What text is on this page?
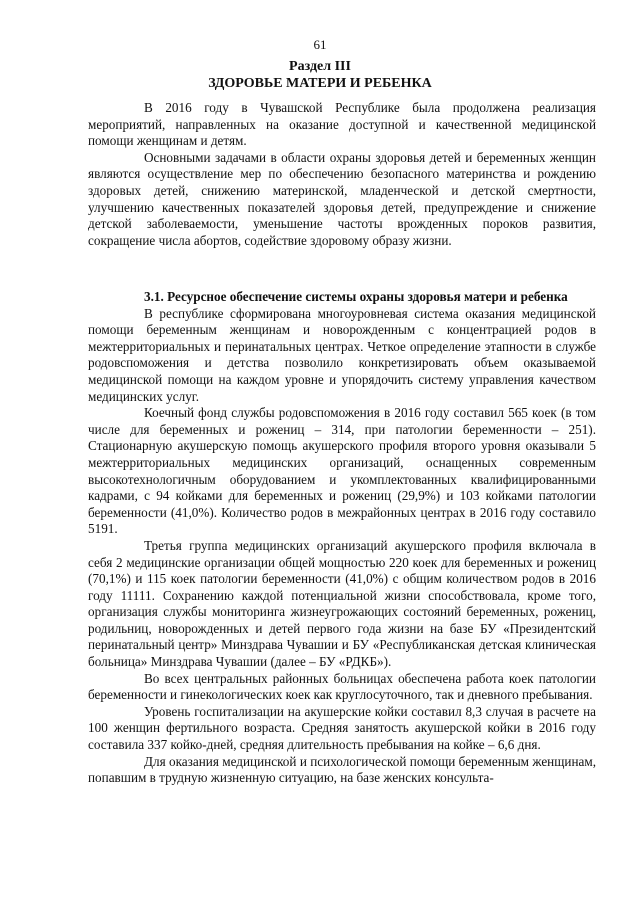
61
Раздел III
ЗДОРОВЬЕ МАТЕРИ И РЕБЕНКА

В 2016 году в Чувашской Республике была продолжена реализация мероприятий, направленных на оказание доступной и качественной медицинской помощи женщинам и детям.

Основными задачами в области охраны здоровья детей и беременных женщин являются осуществление мер по обеспечению безопасного материнства и рождению здоровых детей, снижению материнской, младенческой и детской смертности, улучшению качественных показателей здоровья детей, предупреждение и снижение детской заболеваемости, уменьшение частоты врожденных пороков развития, сокращение числа абортов, содействие здоровому образу жизни.

3.1. Ресурсное обеспечение системы охраны здоровья матери и ребенка

В республике сформирована многоуровневая система оказания медицинской помощи беременным женщинам и новорожденным с концентрацией родов в межтерриториальных и перинатальных центрах. Четкое определение этапности в службе родовспоможения и детства позволило конкретизировать объем оказываемой медицинской помощи на каждом уровне и упорядочить систему управления качеством медицинских услуг.

Коечный фонд службы родовспоможения в 2016 году составил 565 коек (в том числе для беременных и рожениц – 314, при патологии беременности – 251). Стационарную акушерскую помощь акушерского профиля второго уровня оказывали 5 межтерриториальных медицинских организаций, оснащенных современным высокотехнологичным оборудованием и укомплектованных квалифицированными кадрами, с 94 койками для беременных и рожениц (29,9%) и 103 койками патологии беременности (41,0%). Количество родов в межрайонных центрах в 2016 году составило 5191.

Третья группа медицинских организаций акушерского профиля включала в себя 2 медицинские организации общей мощностью 220 коек для беременных и рожениц (70,1%) и 115 коек патологии беременности (41,0%) с общим количеством родов в 2016 году 11111. Сохранению каждой потенциальной жизни способствовала, кроме того, организация службы мониторинга жизнеугрожающих состояний беременных, рожениц, родильниц, новорожденных и детей первого года жизни на базе БУ «Президентский перинатальный центр» Минздрава Чувашии и БУ «Республиканская детская клиническая больница» Минздрава Чувашии (далее – БУ «РДКБ»).

Во всех центральных районных больницах обеспечена работа коек патологии беременности и гинекологических коек как круглосуточного, так и дневного пребывания.

Уровень госпитализации на акушерские койки составил 8,3 случая в расчете на 100 женщин фертильного возраста. Средняя занятость акушерской койки в 2016 году составила 337 койко-дней, средняя длительность пребывания на койке – 6,6 дня.

Для оказания медицинской и психологической помощи беременным женщинам, попавшим в трудную жизненную ситуацию, на базе женских консульта-
